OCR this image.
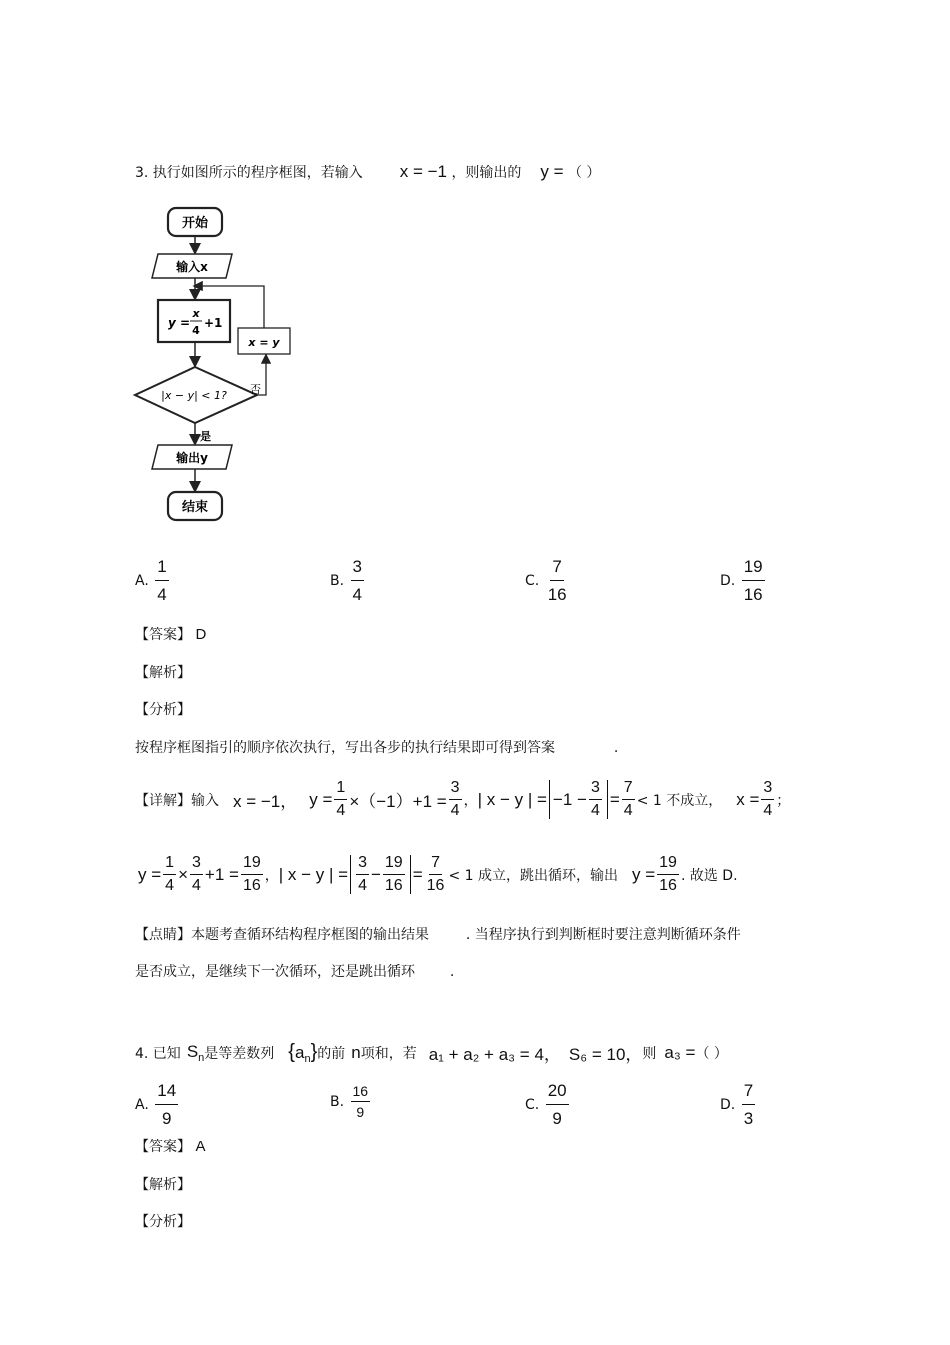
3. 执行如图所示的程序框图，若输入 x = −1 ，则输出的 y = （ ）
开始
输入x
y =
x
4
+1
|x − y| < 1?
x = y
否
是
输出y
结束
A. $\frac{1}{4}$	B. $\frac{3}{4}$	C. $\frac{7}{16}$	D. $\frac{19}{16}$
【答案】 D
【解析】
【分析】
按程序框图指引的顺序依次执行，写出各步的执行结果即可得到答案	.
【详解】 输入 x = −1， $y = \frac{1}{4} \times(-1)+1 = \frac{3}{4}$ ， | x − y | = $-1 - \frac{3}{4} = \frac{7}{4} < 1$ 不成立， $x = \frac{3}{4}$ ；
$y = \frac{1}{4} \times \frac{3}{4} +1 = \frac{19}{16}$ ， | x − y | = $\frac{3}{4} - \frac{19}{16} = \frac{7}{16} < 1$ 成立，跳出循环，输出 $y = \frac{19}{16}$ . 故选 D.
【点睛】本题考查循环结构程序框图的输出结果	. 当程序执行到判断框时要注意判断循环条件
是否成立，是继续下一次循环，还是跳出循环 .
4. 已知 $S_n$ 是等差数列 $\{a_n\}$ 的前 n 项和，若 a₁ + a₂ + a₃ = 4， S₆ = 10， 则 a₃ = （ ）
A. $\frac{14}{9}$	B. $\frac{16}{9}$	C. $\frac{20}{9}$	D. $\frac{7}{3}$
【答案】 A
【解析】
【分析】
